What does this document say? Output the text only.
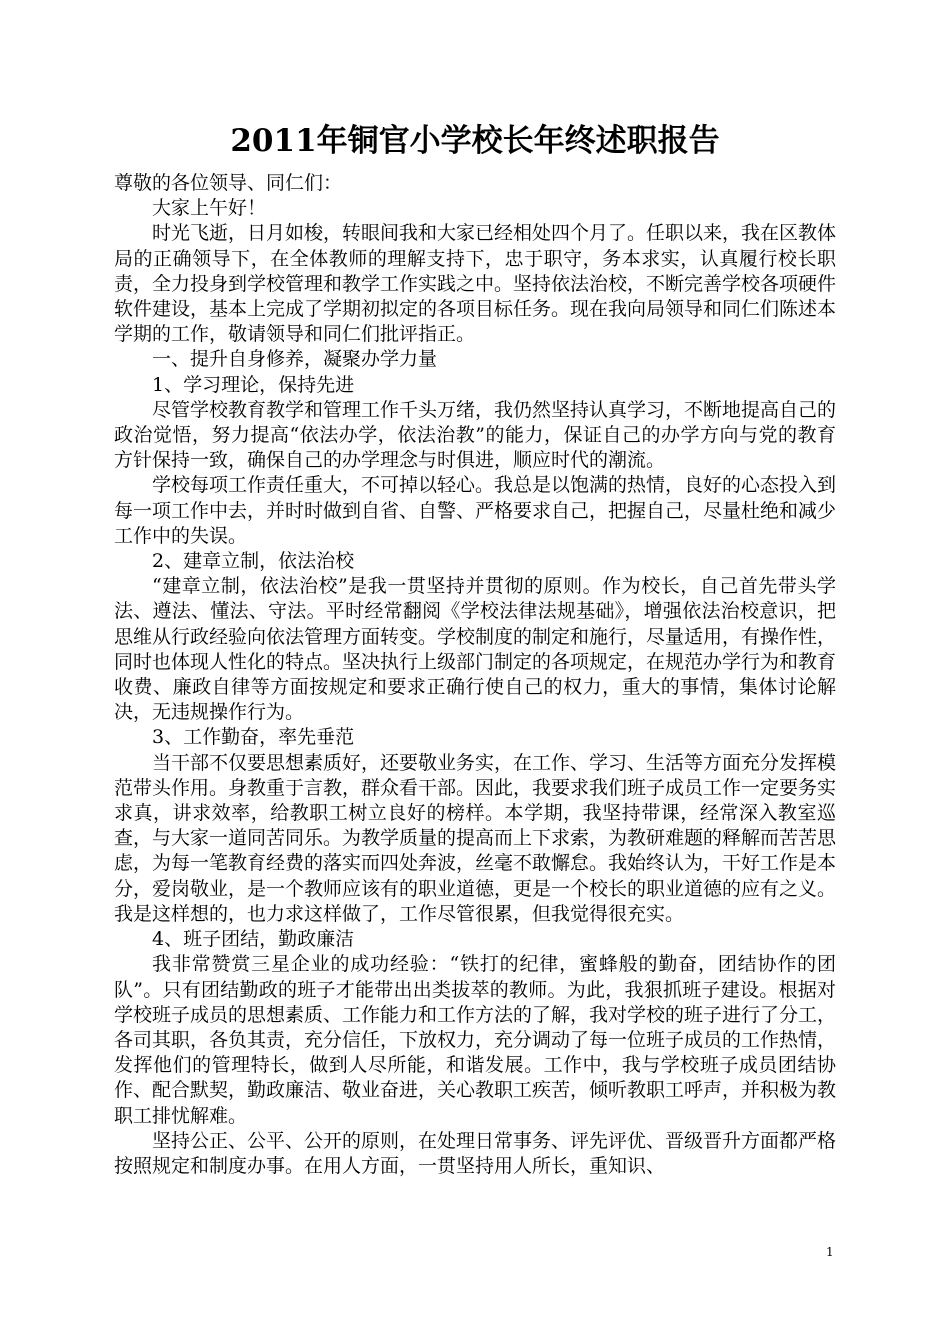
2011年铜官小学校长年终述职报告

尊敬的各位领导、同仁们：

大家上午好！

时光飞逝，日月如梭，转眼间我和大家已经相处四个月了。任职以来，我在区教体局的正确领导下，在全体教师的理解支持下，忠于职守，务本求实，认真履行校长职责，全力投身到学校管理和教学工作实践之中。坚持依法治校，不断完善学校各项硬件软件建设，基本上完成了学期初拟定的各项目标任务。现在我向局领导和同仁们陈述本学期的工作，敬请领导和同仁们批评指正。

一、提升自身修养，凝聚办学力量

1、学习理论，保持先进

尽管学校教育教学和管理工作千头万绪，我仍然坚持认真学习，不断地提高自己的政治觉悟，努力提高“依法办学，依法治教”的能力，保证自己的办学方向与党的教育方针保持一致，确保自己的办学理念与时俱进，顺应时代的潮流。

学校每项工作责任重大，不可掉以轻心。我总是以饱满的热情，良好的心态投入到每一项工作中去，并时时做到自省、自警、严格要求自己，把握自己，尽量杜绝和减少工作中的失误。

2、建章立制，依法治校

“建章立制，依法治校”是我一贯坚持并贯彻的原则。作为校长，自己首先带头学法、遵法、懂法、守法。平时经常翻阅《学校法律法规基础》，增强依法治校意识，把思维从行政经验向依法管理方面转变。学校制度的制定和施行，尽量适用，有操作性，同时也体现人性化的特点。坚决执行上级部门制定的各项规定，在规范办学行为和教育收费、廉政自律等方面按规定和要求正确行使自己的权力，重大的事情，集体讨论解决，无违规操作行为。

3、工作勤奋，率先垂范

当干部不仅要思想素质好，还要敬业务实，在工作、学习、生活等方面充分发挥模范带头作用。身教重于言教，群众看干部。因此，我要求我们班子成员工作一定要务实求真，讲求效率，给教职工树立良好的榜样。本学期，我坚持带课，经常深入教室巡查，与大家一道同苦同乐。为教学质量的提高而上下求索，为教研难题的释解而苦苦思虑，为每一笔教育经费的落实而四处奔波，丝毫不敢懈怠。我始终认为，干好工作是本分，爱岗敬业，是一个教师应该有的职业道德，更是一个校长的职业道德的应有之义。我是这样想的，也力求这样做了，工作尽管很累，但我觉得很充实。

4、班子团结，勤政廉洁

我非常赞赏三星企业的成功经验：“铁打的纪律，蜜蜂般的勤奋，团结协作的团队”。只有团结勤政的班子才能带出出类拔萃的教师。为此，我狠抓班子建设。根据对学校班子成员的思想素质、工作能力和工作方法的了解，我对学校的班子进行了分工，各司其职，各负其责，充分信任，下放权力，充分调动了每一位班子成员的工作热情，发挥他们的管理特长，做到人尽所能，和谐发展。工作中，我与学校班子成员团结协作、配合默契，勤政廉洁、敬业奋进，关心教职工疾苦，倾听教职工呼声，并积极为教职工排忧解难。

坚持公正、公平、公开的原则，在处理日常事务、评先评优、晋级晋升方面都严格按照规定和制度办事。在用人方面，一贯坚持用人所长，重知识、

1
